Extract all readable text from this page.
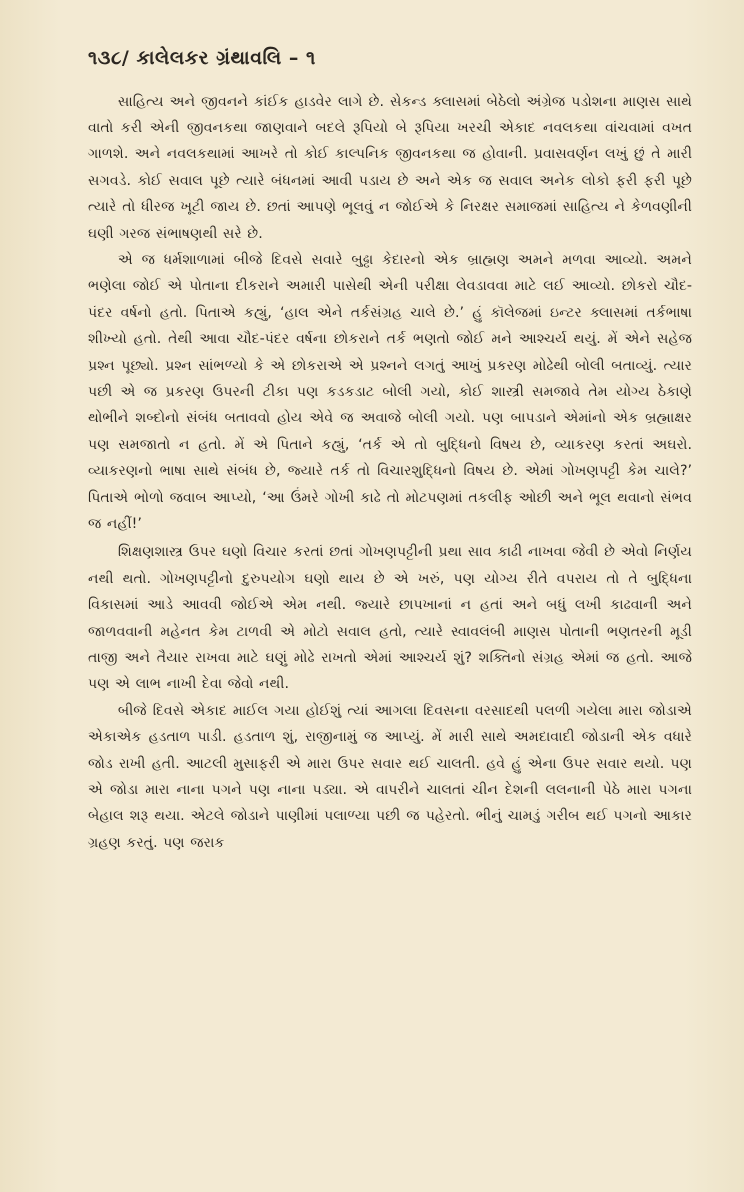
૧૩૮/ કાલેલકર ગ્રંથાવલિ – ૧

સાહિત્ય અને જીવનને કાંઈક હાડવેર લાગે છે. સેકન્ડ ક્લાસમાં બેઠેલો અંગ્રેજ પડોશના માણસ સાથે વાતો કરી એની જીવનકથા જાણવાને બદલે રૂપિયો બે રૂપિયા ખરચી એકાદ નવલકથા વાંચવામાં વખત ગાળશે. અને નવલકથામાં આખરે તો કોઈ કાલ્પનિક જીવનકથા જ હોવાની. પ્રવાસવર્ણન લખું છું તે મારી સગવડે. કોઈ સવાલ પૂછે ત્યારે બંધનમાં આવી પડાય છે અને એક જ સવાલ અનેક લોકો ફરી ફરી પૂછે ત્યારે તો ધીરજ ખૂટી જાય છે. છતાં આપણે ભૂલવું ન જોઈએ કે નિરક્ષર સમાજમાં સાહિત્ય ને કેળવણીની ઘણી ગરજ સંભાષણથી સરે છે.

એ જ ધર્મશાળામાં બીજે દિવસે સવારે બુઢ્ઢા કેદારનો એક બ્રાહ્મણ અમને મળવા આવ્યો. અમને ભણેલા જોઈ એ પોતાના દીકરાને અમારી પાસેથી એની પરીક્ષા લેવડાવવા માટે લઈ આવ્યો. છોકરો ચૌદ-પંદર વર્ષનો હતો. પિતાએ કહ્યું, ‘હાલ એને તર્કસંગ્રહ ચાલે છે.’ હું કૉલેજમાં ઇન્ટર ક્લાસમાં તર્કભાષા શીખ્યો હતો. તેથી આવા ચૌદ-પંદર વર્ષના છોકરાને તર્ક ભણતો જોઈ મને આશ્ચર્ય થયું. મેં એને સહેજ પ્રશ્ન પૂછ્યો. પ્રશ્ન સાંભળ્યો કે એ છોકરાએ એ પ્રશ્નને લગતું આખું પ્રકરણ મોઢેથી બોલી બતાવ્યું. ત્યાર પછી એ જ પ્રકરણ ઉપરની ટીકા પણ કડકડાટ બોલી ગયો, કોઈ શાસ્ત્રી સમજાવે તેમ યોગ્ય ઠેકાણે થોભીને શબ્દોનો સંબંધ બતાવવો હોય એવે જ અવાજે બોલી ગયો. પણ બાપડાને એમાંનો એક બ્રહ્માક્ષર પણ સમજાતો ન હતો. મેં એ પિતાને કહ્યું, ‘તર્ક એ તો બુદ્ધિનો વિષય છે, વ્યાકરણ કરતાં અઘરો. વ્યાકરણનો ભાષા સાથે સંબંધ છે, જ્યારે તર્ક તો વિચારશુદ્ધિનો વિષય છે. એમાં ગોખણપટ્ટી કેમ ચાલે?’ પિતાએ ભોળો જવાબ આપ્યો, ‘આ ઉંમરે ગોખી કાઢે તો મોટપણમાં તકલીફ ઓછી અને ભૂલ થવાનો સંભવ જ નહીં!’

શિક્ષણશાસ્ત્ર ઉપર ઘણો વિચાર કરતાં છતાં ગોખણપટ્ટીની પ્રથા સાવ કાઢી નાખવા જેવી છે એવો નિર્ણય નથી થતો. ગોખણપટ્ટીનો દુરુપયોગ ઘણો થાય છે એ ખરું, પણ યોગ્ય રીતે વપરાય તો તે બુદ્ધિના વિકાસમાં આડે આવવી જોઈએ એમ નથી. જ્યારે છાપખાનાં ન હતાં અને બધું લખી કાઢવાની અને જાળવવાની મહેનત કેમ ટાળવી એ મોટો સવાલ હતો, ત્યારે સ્વાવલંબી માણસ પોતાની ભણતરની મૂડી તાજી અને તૈયાર રાખવા માટે ઘણું મોઢે રાખતો એમાં આશ્ચર્ય શું? શક્તિનો સંગ્રહ એમાં જ હતો. આજે પણ એ લાભ નાખી દેવા જેવો નથી.

બીજે દિવસે એકાદ માઈલ ગયા હોઈશું ત્યાં આગલા દિવસના વરસાદથી પલળી ગયેલા મારા જોડાએ એકાએક હડતાળ પાડી. હડતાળ શું, રાજીનામું જ આપ્યું. મેં મારી સાથે અમદાવાદી જોડાની એક વધારે જોડ રાખી હતી. આટલી મુસાફરી એ મારા ઉપર સવાર થઈ ચાલતી. હવે હું એના ઉપર સવાર થયો. પણ એ જોડા મારા નાના પગને પણ નાના પડ્યા. એ વાપરીને ચાલતાં ચીન દેશની લલનાની પેઠે મારા પગના બેહાલ શરૂ થયા. એટલે જોડાને પાણીમાં પલાળ્યા પછી જ પહેરતો. ભીનું ચામડું ગરીબ થઈ પગનો આકાર ગ્રહણ કરતું. પણ જરાક
